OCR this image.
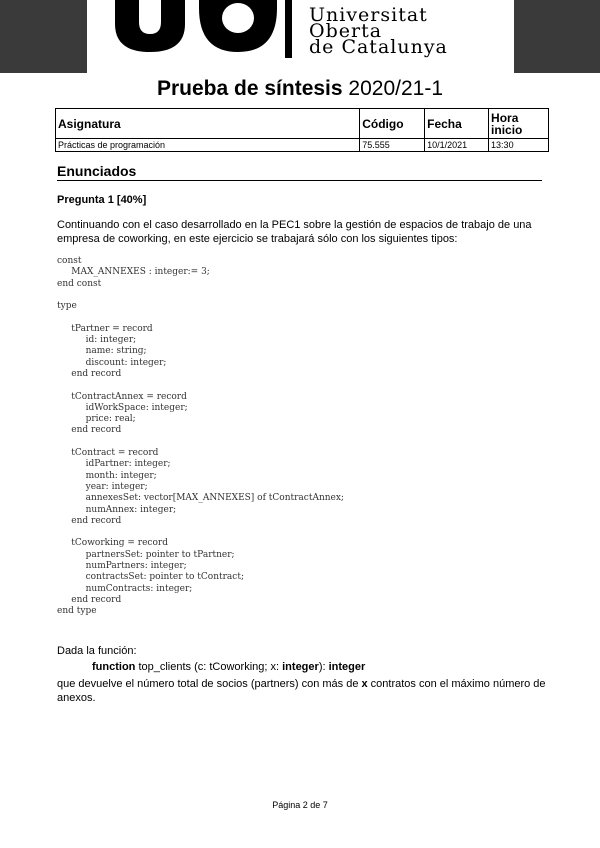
Universitat
Oberta
de Catalunya
Prueba de síntesis 2020/21-1
Asignatura	Código	Fecha	Hora inicio
Prácticas de programación	75.555	10/1/2021	13:30
Enunciados
Pregunta 1 [40%]
Continuando con el caso desarrollado en la PEC1 sobre la gestión de espacios de trabajo de una empresa de coworking, en este ejercicio se trabajará sólo con los siguientes tipos:
const
MAX_ANNEXES : integer:= 3;
end const

type

tPartner = record
id: integer;
name: string;
discount: integer;
end record

tContractAnnex = record
idWorkSpace: integer;
price: real;
end record

tContract = record
idPartner: integer;
month: integer;
year: integer;
annexesSet: vector[MAX_ANNEXES] of tContractAnnex;
numAnnex: integer;
end record

tCoworking = record
partnersSet: pointer to tPartner;
numPartners: integer;
contractsSet: pointer to tContract;
numContracts: integer;
end record
end type
Dada la función:
function top_clients (c: tCoworking; x: integer): integer
que devuelve el número total de socios (partners) con más de x contratos con el máximo número de anexos.
Página 2 de 7
